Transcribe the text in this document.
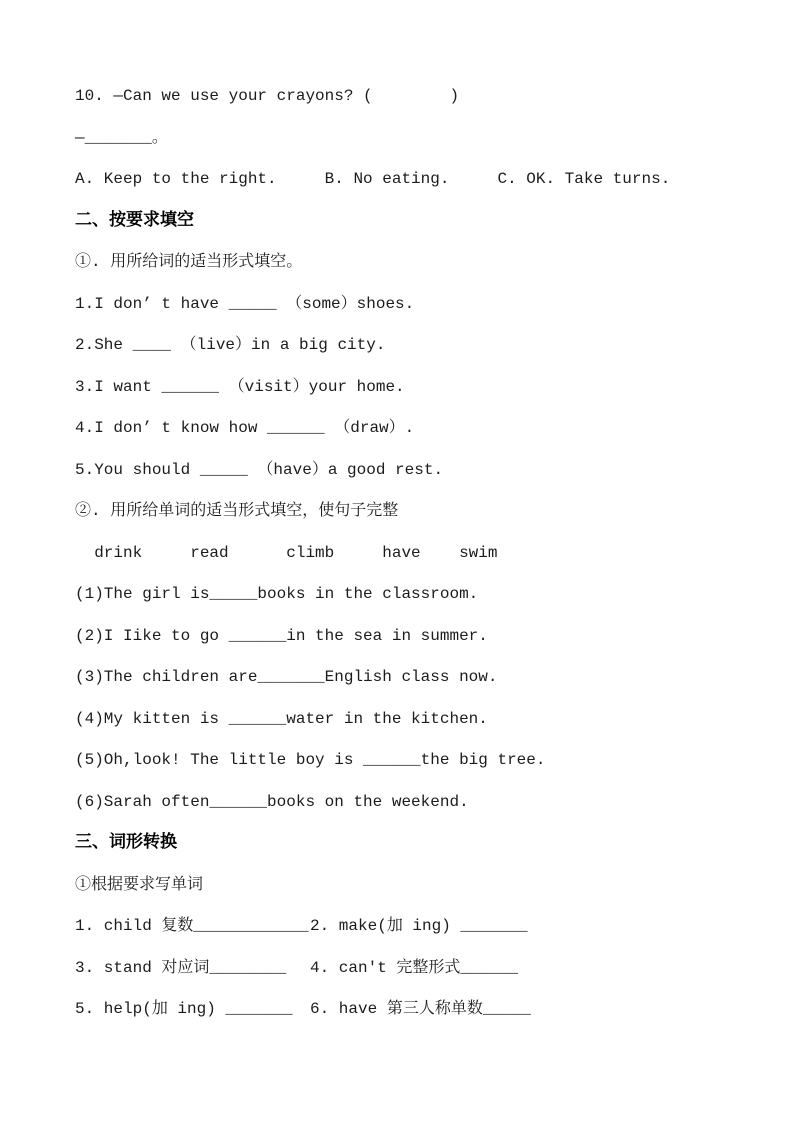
10. —Can we use your crayons? (        )
—_______。
A. Keep to the right.     B. No eating.     C. OK. Take turns.
二、按要求填空
①. 用所给词的适当形式填空。
1.I don’ t have _____ （some）shoes.
2.She ____ （live）in a big city.
3.I want ______ （visit）your home.
4.I don’ t know how ______ （draw）.
5.You should _____ （have）a good rest.
②. 用所给单词的适当形式填空，使句子完整
drink     read      climb     have    swim
(1)The girl is_____books in the classroom.
(2)I Iike to go ______in the sea in summer.
(3)The children are_______English class now.
(4)My kitten is ______water in the kitchen.
(5)Oh,look! The little boy is ______the big tree.
(6)Sarah often______books on the weekend.
三、词形转换
①根据要求写单词
1. child 复数____________ 2. make(加 ing) _______
3. stand 对应词________	4. can't 完整形式______
5. help(加 ing) _______	6. have 第三人称单数_____
